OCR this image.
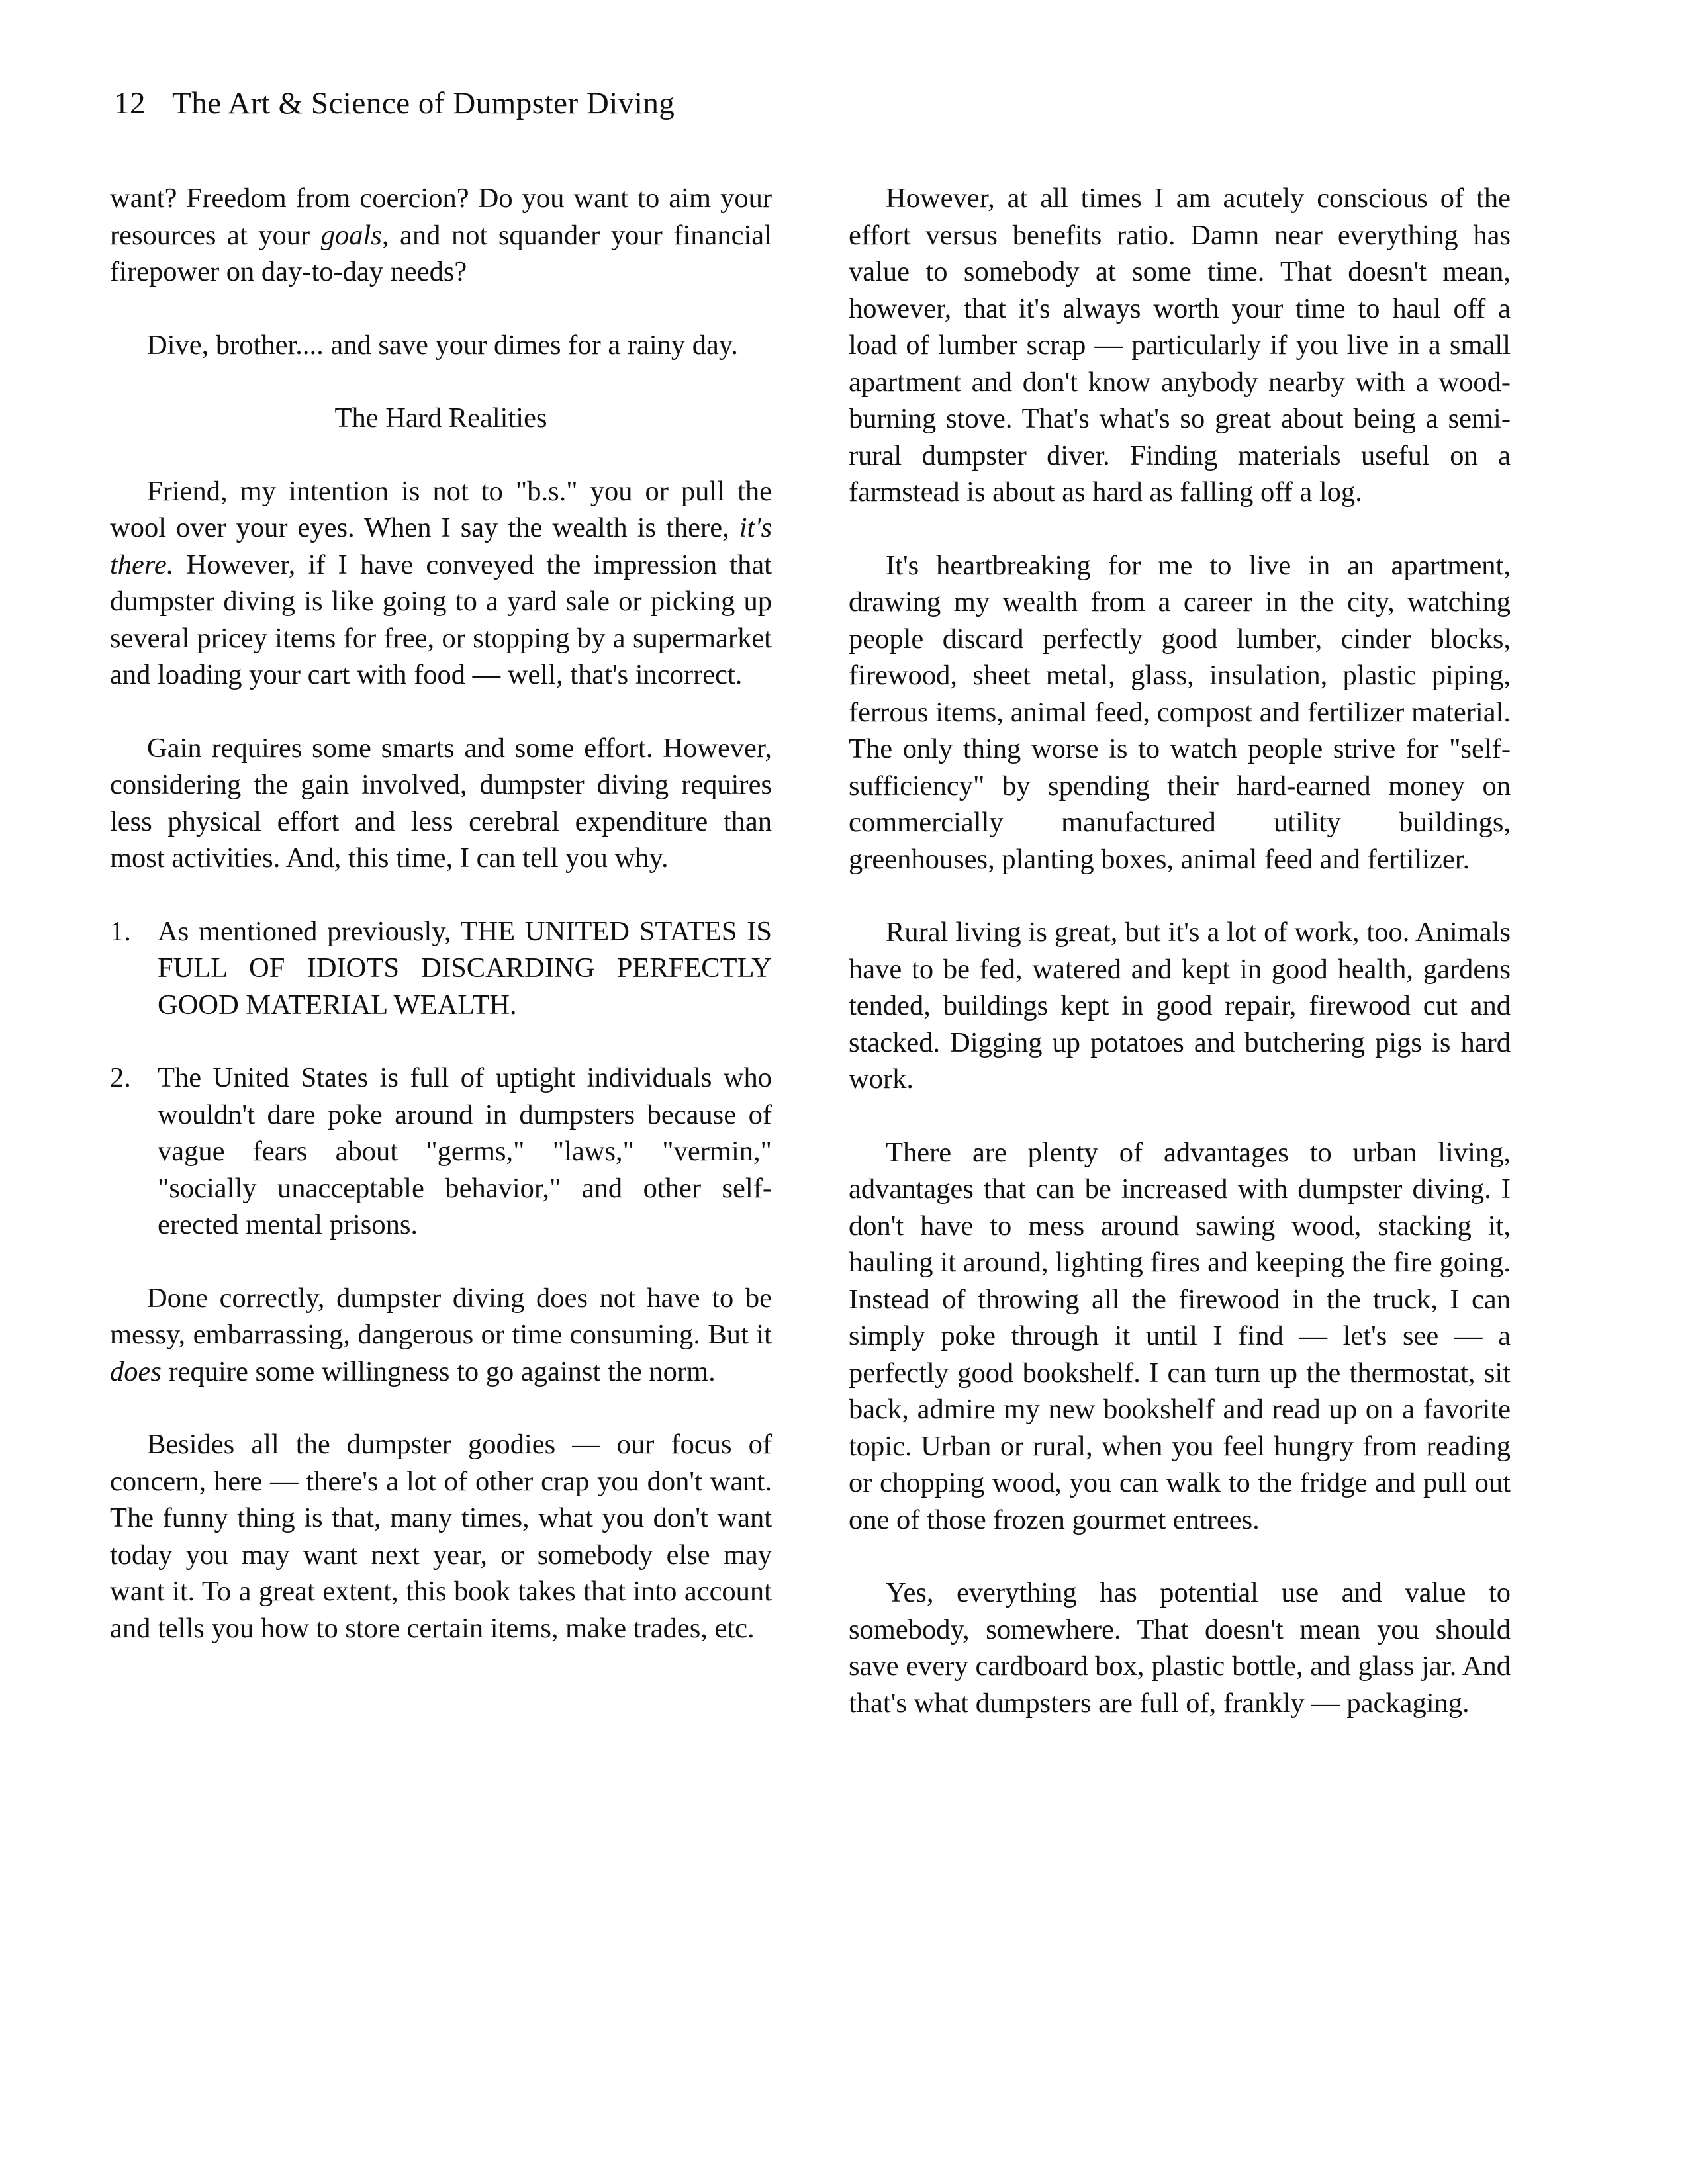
12 The Art & Science of Dumpster Diving

want? Freedom from coercion? Do you want to aim your resources at your goals, and not squander your financial firepower on day-to-day needs?

Dive, brother.... and save your dimes for a rainy day.

The Hard Realities

Friend, my intention is not to "b.s." you or pull the wool over your eyes. When I say the wealth is there, it's there. However, if I have conveyed the impression that dumpster diving is like going to a yard sale or picking up several pricey items for free, or stopping by a supermarket and loading your cart with food — well, that's incorrect.

Gain requires some smarts and some effort. However, considering the gain involved, dumpster diving requires less physical effort and less cerebral expenditure than most activities. And, this time, I can tell you why.

1. As mentioned previously, THE UNITED STATES IS FULL OF IDIOTS DISCARDING PERFECTLY GOOD MATERIAL WEALTH.
2. The United States is full of uptight individuals who wouldn't dare poke around in dumpsters because of vague fears about "germs," "laws," "vermin," "socially unacceptable behavior," and other self-erected mental prisons.

Done correctly, dumpster diving does not have to be messy, embarrassing, dangerous or time consuming. But it does require some willingness to go against the norm.

Besides all the dumpster goodies — our focus of concern, here — there's a lot of other crap you don't want. The funny thing is that, many times, what you don't want today you may want next year, or somebody else may want it. To a great extent, this book takes that into account and tells you how to store certain items, make trades, etc.

However, at all times I am acutely conscious of the effort versus benefits ratio. Damn near everything has value to somebody at some time. That doesn't mean, however, that it's always worth your time to haul off a load of lumber scrap — particularly if you live in a small apartment and don't know anybody nearby with a wood-burning stove. That's what's so great about being a semi-rural dumpster diver. Finding materials useful on a farmstead is about as hard as falling off a log.

It's heartbreaking for me to live in an apartment, drawing my wealth from a career in the city, watching people discard perfectly good lumber, cinder blocks, firewood, sheet metal, glass, insulation, plastic piping, ferrous items, animal feed, compost and fertilizer material. The only thing worse is to watch people strive for "self-sufficiency" by spending their hard-earned money on commercially manufactured utility buildings, greenhouses, planting boxes, animal feed and fertilizer.

Rural living is great, but it's a lot of work, too. Animals have to be fed, watered and kept in good health, gardens tended, buildings kept in good repair, firewood cut and stacked. Digging up potatoes and butchering pigs is hard work.

There are plenty of advantages to urban living, advantages that can be increased with dumpster diving. I don't have to mess around sawing wood, stacking it, hauling it around, lighting fires and keeping the fire going. Instead of throwing all the firewood in the truck, I can simply poke through it until I find — let's see — a perfectly good bookshelf. I can turn up the thermostat, sit back, admire my new bookshelf and read up on a favorite topic. Urban or rural, when you feel hungry from reading or chopping wood, you can walk to the fridge and pull out one of those frozen gourmet entrees.

Yes, everything has potential use and value to somebody, somewhere. That doesn't mean you should save every cardboard box, plastic bottle, and glass jar. And that's what dumpsters are full of, frankly — packaging.
